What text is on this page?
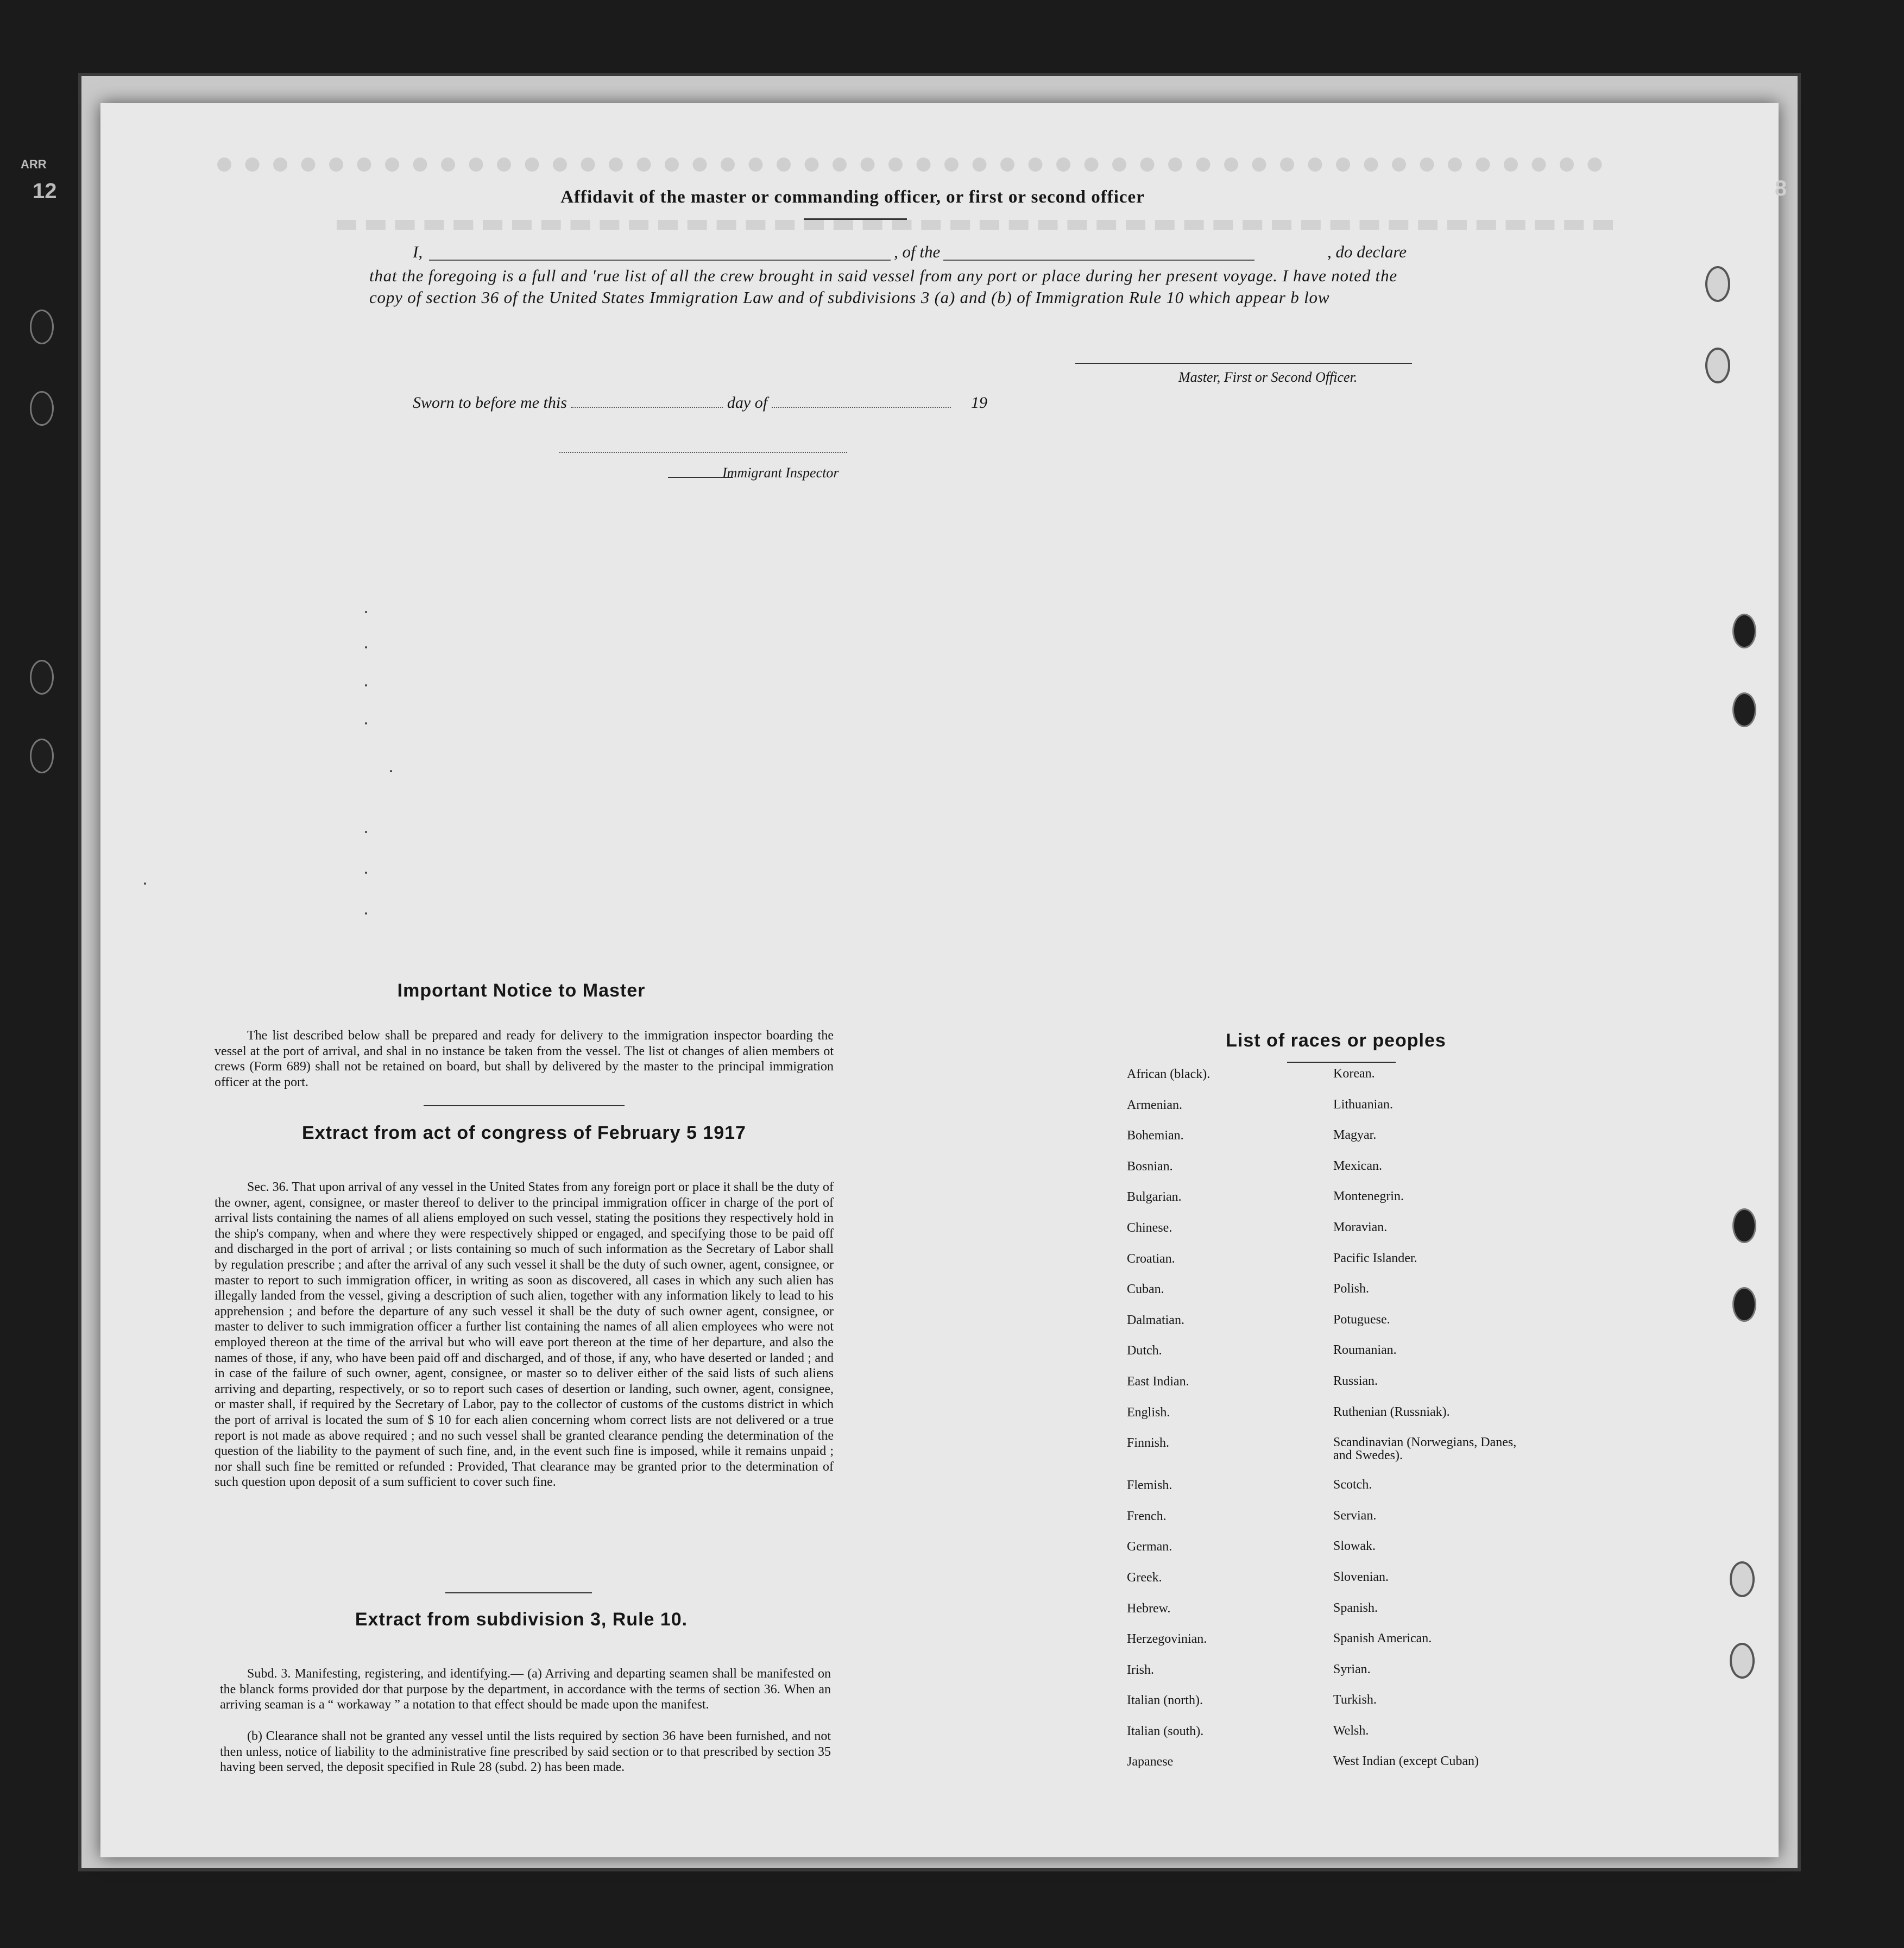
ARR
12	8
Affidavit of the master or commanding officer, or first or second officer
I,	, of the	, do declare
that the foregoing is a full and 'rue list of all the crew brought in said vessel from any port or place during her present voyage. I have noted the copy of section 36 of the United States Immigration Law and of subdivisions 3 (a) and (b) of Immigration Rule 10 which appear b low
Master, First or Second Officer.
Sworn to before me this	day of	19
Immigrant Inspector
Important Notice to Master
The list described below shall be prepared and ready for delivery to the immigration inspector boarding the vessel at the port of arrival, and shal in no instance be taken from the vessel. The list ot changes of alien members ot crews (Form 689) shall not be retained on board, but shall by delivered by the master to the principal immigration officer at the port.
Extract from act of congress of February 5 1917
Sec. 36. That upon arrival of any vessel in the United States from any foreign port or place it shall be the duty of the owner, agent, consignee, or master thereof to deliver to the principal immigration officer in charge of the port of arrival lists containing the names of all aliens employed on such vessel, stating the positions they respectively hold in the ship's company, when and where they were respectively shipped or engaged, and specifying those to be paid off and discharged in the port of arrival ; or lists containing so much of such information as the Secretary of Labor shall by regulation prescribe ; and after the arrival of any such vessel it shall be the duty of such owner, agent, consignee, or master to report to such immigration officer, in writing as soon as discovered, all cases in which any such alien has illegally landed from the vessel, giving a description of such alien, together with any information likely to lead to his apprehension ; and before the departure of any such vessel it shall be the duty of such owner agent, consignee, or master to deliver to such immigration officer a further list containing the names of all alien employees who were not employed thereon at the time of the arrival but who will eave port thereon at the time of her departure, and also the names of those, if any, who have been paid off and discharged, and of those, if any, who have deserted or landed ; and in case of the failure of such owner, agent, consignee, or master so to deliver either of the said lists of such aliens arriving and departing, respectively, or so to report such cases of desertion or landing, such owner, agent, consignee, or master shall, if required by the Secretary of Labor, pay to the collector of customs of the customs district in which the port of arrival is located the sum of $ 10 for each alien concerning whom correct lists are not delivered or a true report is not made as above required ; and no such vessel shall be granted clearance pending the determination of the question of the liability to the payment of such fine, and, in the event such fine is imposed, while it remains unpaid ; nor shall such fine be remitted or refunded : Provided, That clearance may be granted prior to the determination of such question upon deposit of a sum sufficient to cover such fine.
Extract from subdivision 3, Rule 10.
Subd. 3. Manifesting, registering, and identifying.— (a) Arriving and departing seamen shall be manifested on the blanck forms provided dor that purpose by the department, in accordance with the terms of section 36. When an arriving seaman is a “ workaway ” a notation to that effect should be made upon the manifest.
(b) Clearance shall not be granted any vessel until the lists required by section 36 have been furnished, and not then unless, notice of liability to the administrative fine prescribed by said section or to that prescribed by section 35 having been served, the deposit specified in Rule 28 (subd. 2) has been made.
List of races or peoples
African (black).	Korean.
Armenian.	Lithuanian.
Bohemian.	Magyar.
Bosnian.	Mexican.
Bulgarian.	Montenegrin.
Chinese.	Moravian.
Croatian.	Pacific Islander.
Cuban.	Polish.
Dalmatian.	Potuguese.
Dutch.	Roumanian.
East Indian.	Russian.
English.	Ruthenian (Russniak).
Finnish.	Scandinavian (Norwegians, Danes, and Swedes).
Flemish.	Scotch.
French.	Servian.
German.	Slowak.
Greek.	Slovenian.
Hebrew.	Spanish.
Herzegovinian.	Spanish American.
Irish.	Syrian.
Italian (north).	Turkish.
Italian (south).	Welsh.
Japanese	West Indian (except Cuban)
